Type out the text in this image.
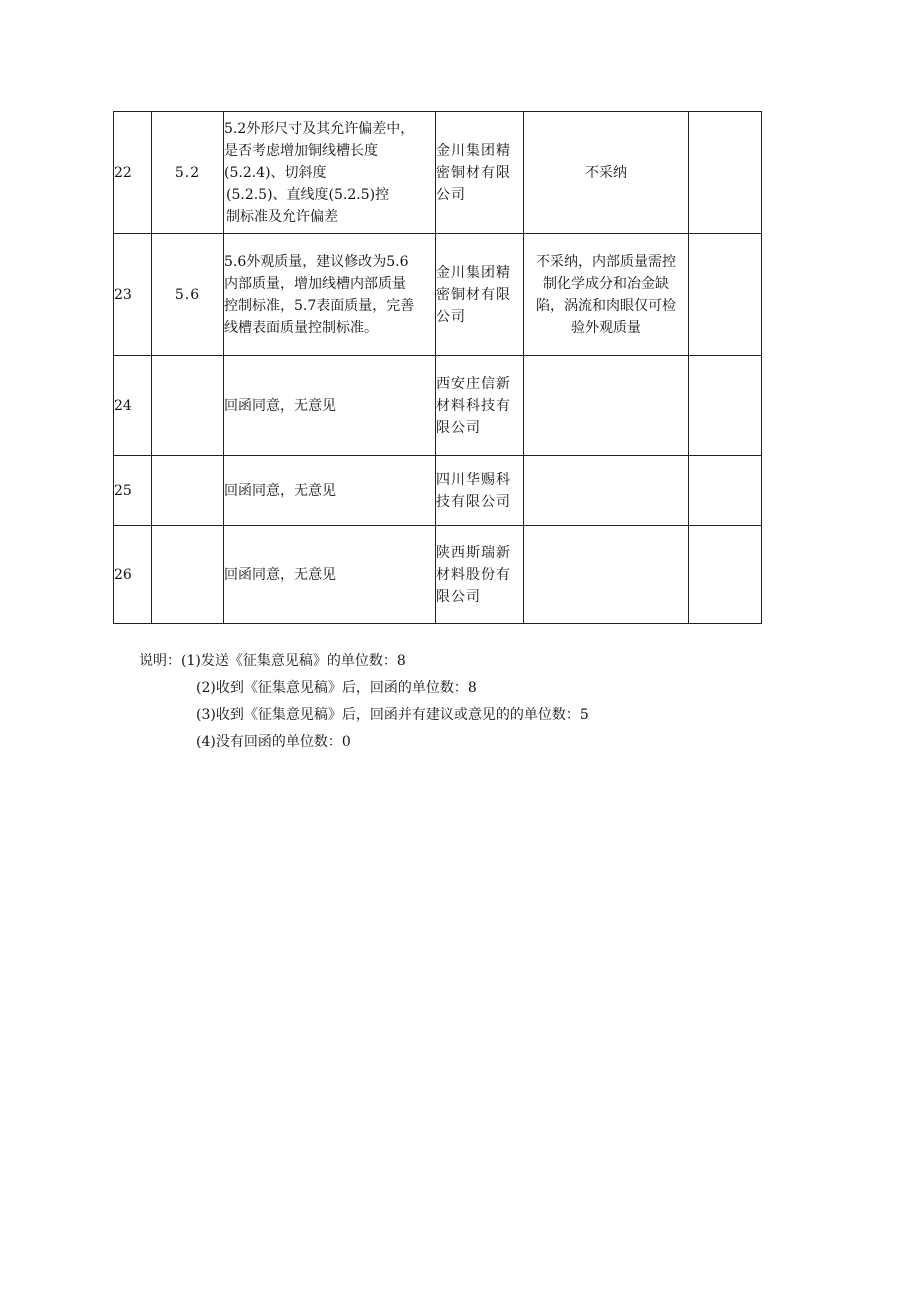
22	5.2	5.2外形尺寸及其允许偏差中，
是否考虑增加铜线槽长度
(5.2.4)、切斜度
(5.2.5)、直线度(5.2.5)控
制标准及允许偏差	金川集团精
密铜材有限
公司	不采纳	

23	5.6	5.6外观质量，建议修改为5.6
内部质量，增加线槽内部质量
控制标准，5.7表面质量，完善
线槽表面质量控制标准。	金川集团精
密铜材有限
公司	不采纳，内部质量需控
制化学成分和冶金缺
陷，涡流和肉眼仅可检
验外观质量	

24		回函同意，无意见	西安庄信新
材料科技有
限公司		

25		回函同意，无意见	四川华赐科
技有限公司		

26		回函同意，无意见	陕西斯瑞新
材料股份有
限公司		

说明：(1)发送《征集意见稿》的单位数：8
(2)收到《征集意见稿》后，回函的单位数：8
(3)收到《征集意见稿》后，回函并有建议或意见的的单位数：5
(4)没有回函的单位数：0
